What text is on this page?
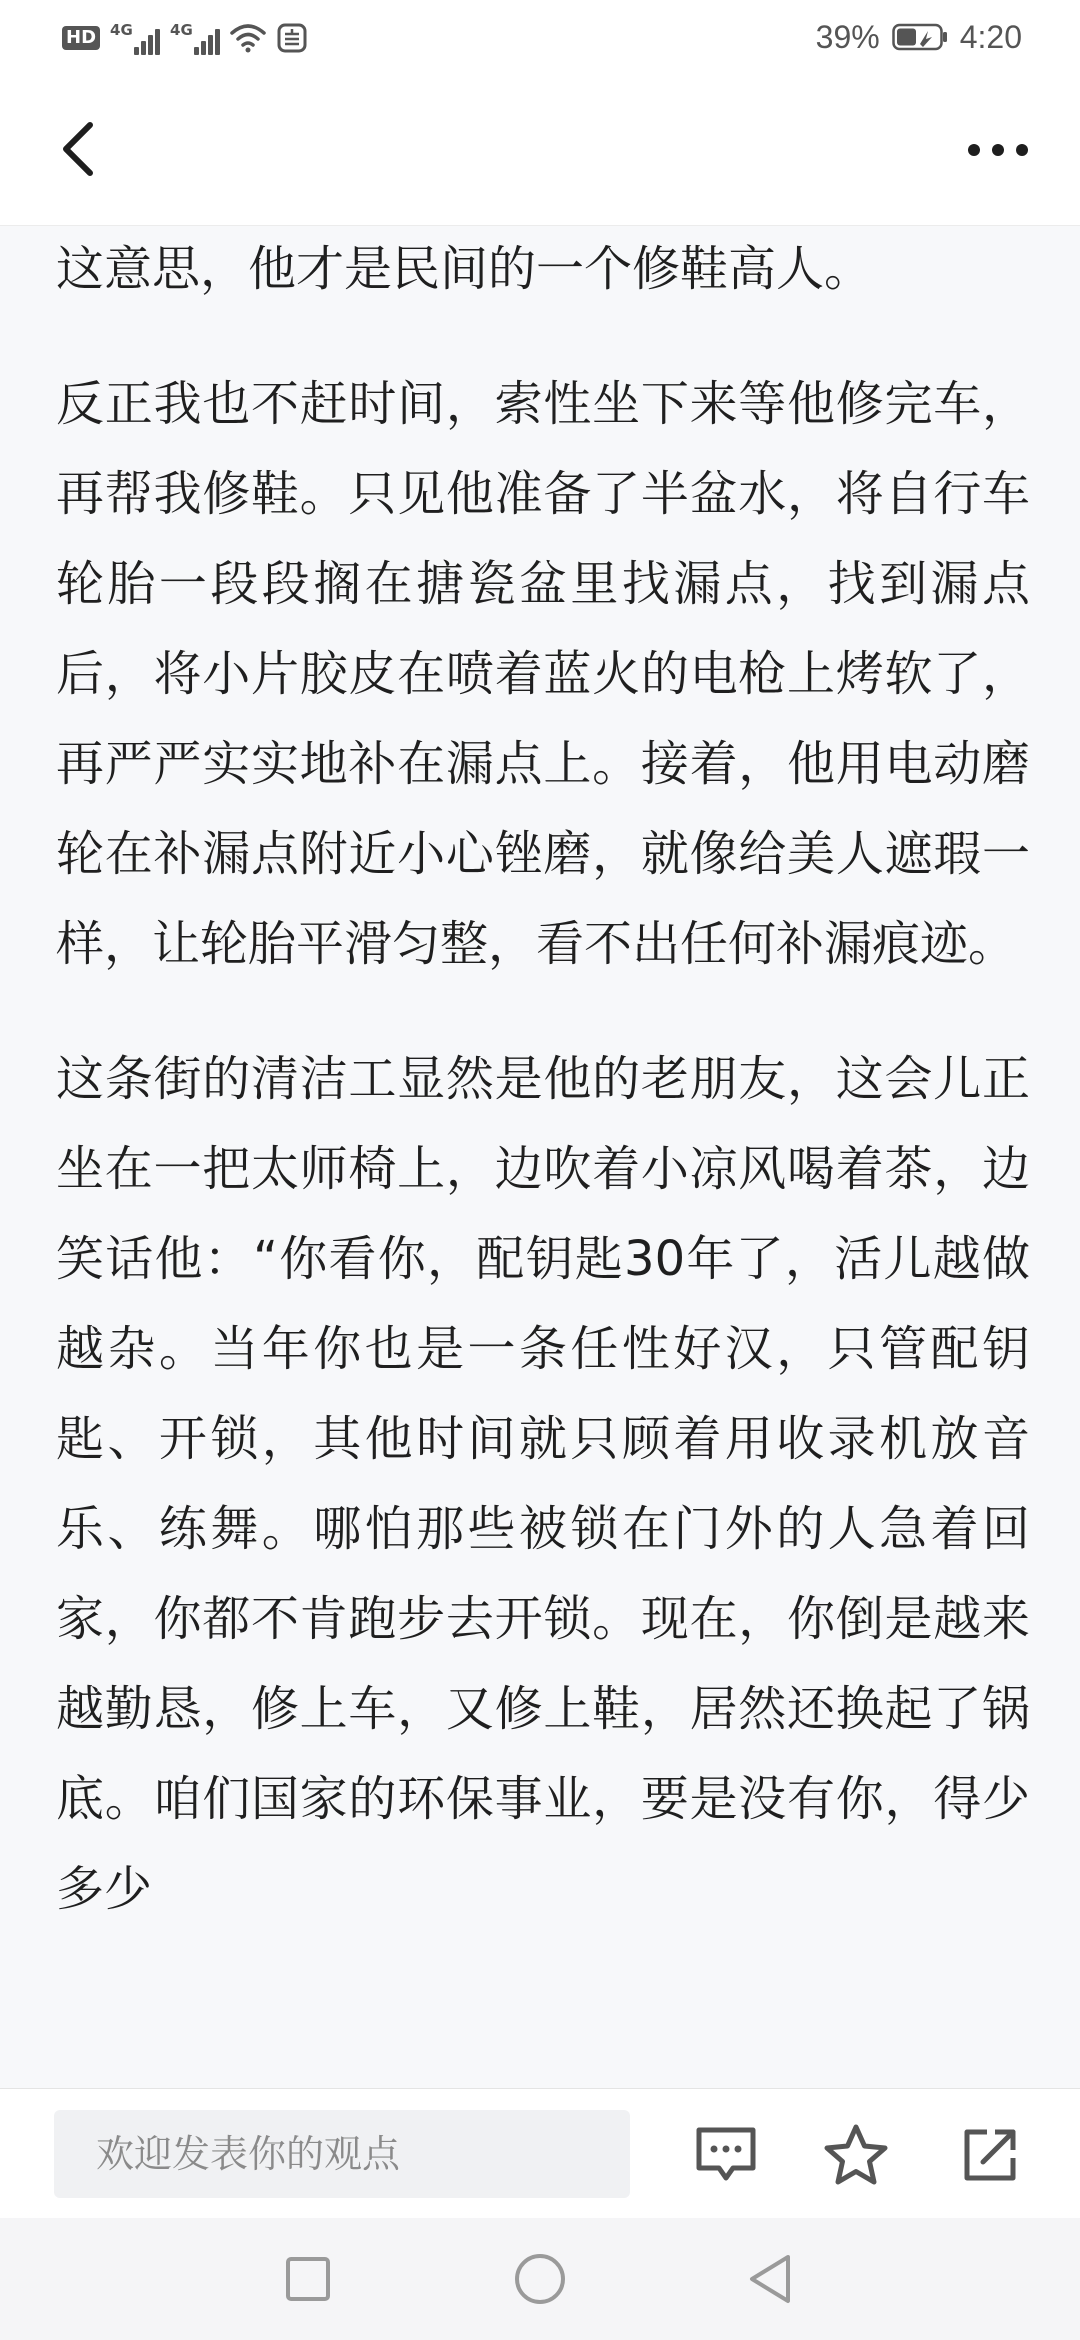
HD 4G 4G	39%	4:20

这意思，他才是民间的一个修鞋高人。

反正我也不赶时间，索性坐下来等他修完车，再帮我修鞋。只见他准备了半盆水，将自行车轮胎一段段搁在搪瓷盆里找漏点，找到漏点后，将小片胶皮在喷着蓝火的电枪上烤软了，再严严实实地补在漏点上。接着，他用电动磨轮在补漏点附近小心锉磨，就像给美人遮瑕一样，让轮胎平滑匀整，看不出任何补漏痕迹。

这条街的清洁工显然是他的老朋友，这会儿正坐在一把太师椅上，边吹着小凉风喝着茶，边笑话他：“你看你，配钥匙30年了，活儿越做越杂。当年你也是一条任性好汉，只管配钥匙、开锁，其他时间就只顾着用收录机放音乐、练舞。哪怕那些被锁在门外的人急着回家，你都不肯跑步去开锁。现在，你倒是越来越勤恳，修上车，又修上鞋，居然还换起了锅底。咱们国家的环保事业，要是没有你，得少多少

欢迎发表你的观点
